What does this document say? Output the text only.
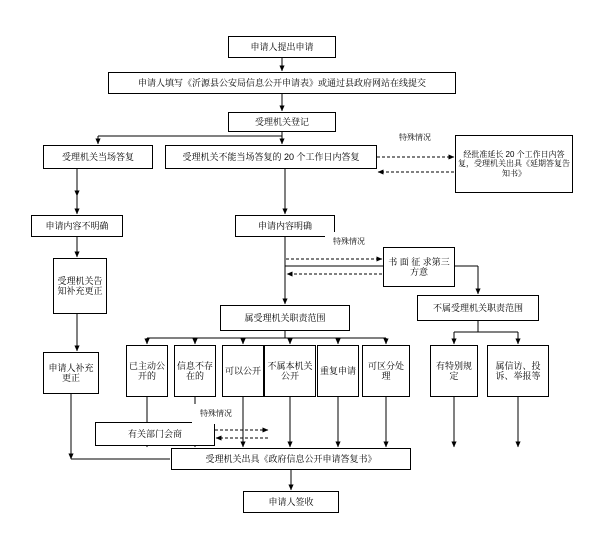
申请人提出申请
申请人填写《沂源县公安局信息公开申请表》或通过县政府网站在线提交
受理机关登记
受理机关当场答复	受理机关不能当场答复的 20 个工作日内答复	经批准延长 20 个工作日内答复，受理机关出具《延期答复告知书》
申请内容不明确	申请内容明确
书 面 征 求第三方意
受理机关告知补充更正
申请人补充更正
属受理机关职责范围
不属受理机关职责范围
已主动公开的
信息不存在的
可以公开
不属本机关公开
重复申请
可区分处理
有特别规定
属信访、投诉、举报等
有关部门会商
受理机关出具《政府信息公开申请答复书》
申请人签收
特殊情况
特殊情况
特殊情况
